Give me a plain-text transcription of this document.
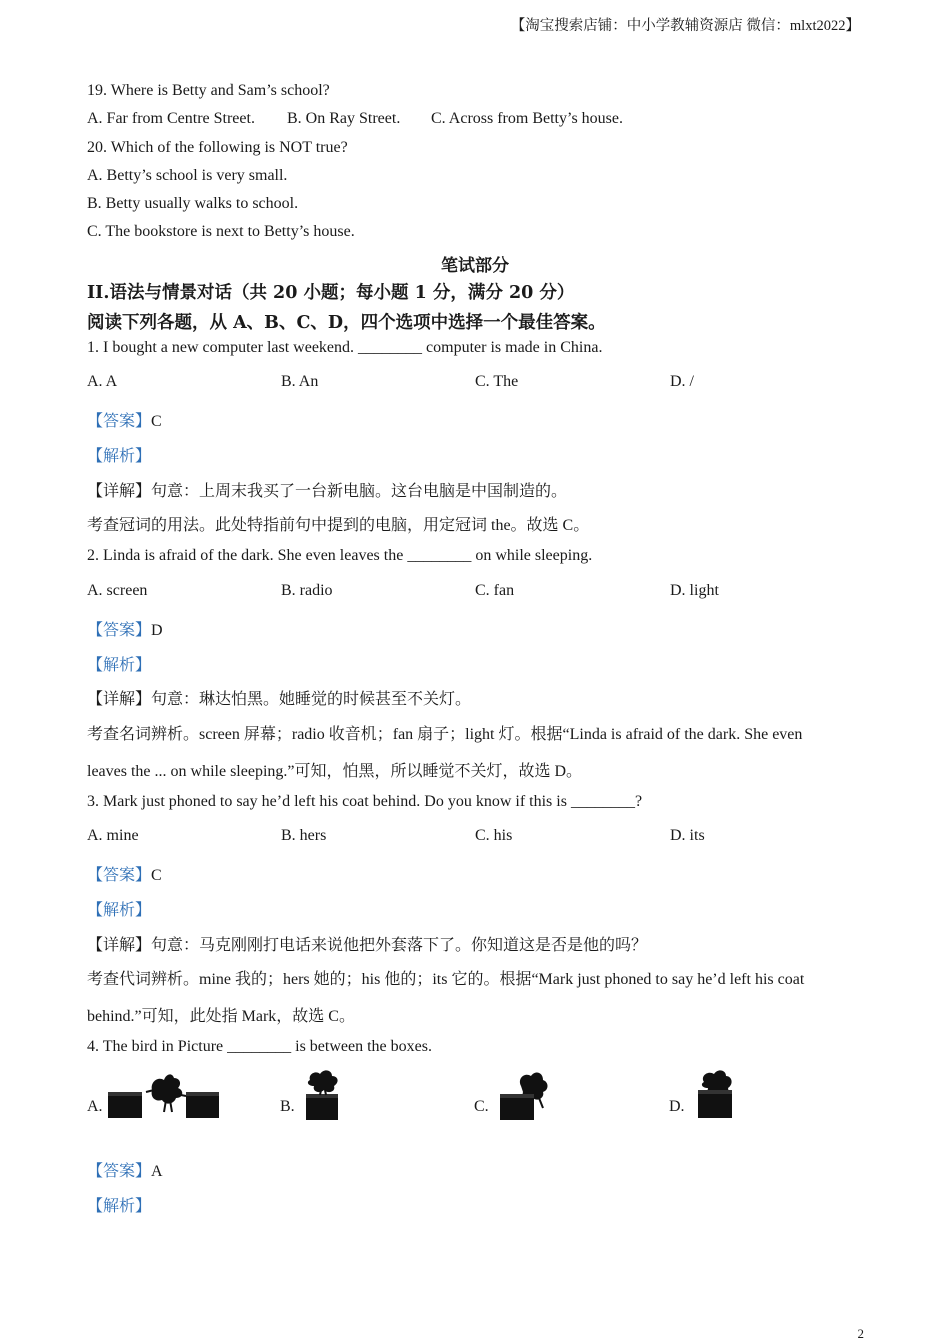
【淘宝搜索店铺：中小学教辅资源店 微信：mlxt2022】
19. Where is Betty and Sam’s school?
A. Far from Centre Street. B. On Ray Street. C. Across from Betty’s house.
20. Which of the following is NOT true?
A. Betty’s school is very small.
B. Betty usually walks to school.
C. The bookstore is next to Betty’s house.
笔试部分
II.语法与情景对话（共 20 小题；每小题 1 分，满分 20 分）
阅读下列各题，从 A、B、C、D，四个选项中选择一个最佳答案。
1. I bought a new computer last weekend. ________ computer is made in China.
A. A	B. An	C. The	D. /
【答案】C
【解析】
【详解】句意：上周末我买了一台新电脑。这台电脑是中国制造的。
考查冠词的用法。此处特指前句中提到的电脑，用定冠词 the。故选 C。
2. Linda is afraid of the dark. She even leaves the ________ on while sleeping.
A. screen	B. radio	C. fan	D. light
【答案】D
【解析】
【详解】句意：琳达怕黑。她睡觉的时候甚至不关灯。
考查名词辨析。screen 屏幕；radio 收音机；fan 扇子；light 灯。根据“Linda is afraid of the dark. She even
leaves the ... on while sleeping.”可知，怕黑，所以睡觉不关灯，故选 D。
3. Mark just phoned to say he’d left his coat behind. Do you know if this is ________?
A. mine	B. hers	C. his	D. its
【答案】C
【解析】
【详解】句意：马克刚刚打电话来说他把外套落下了。你知道这是否是他的吗？
考查代词辨析。mine 我的；hers 她的；his 他的；its 它的。根据“Mark just phoned to say he’d left his coat
behind.”可知，此处指 Mark，故选 C。
4. The bird in Picture ________ is between the boxes.
A.	B.	C.	D.
【答案】A
【解析】
2
